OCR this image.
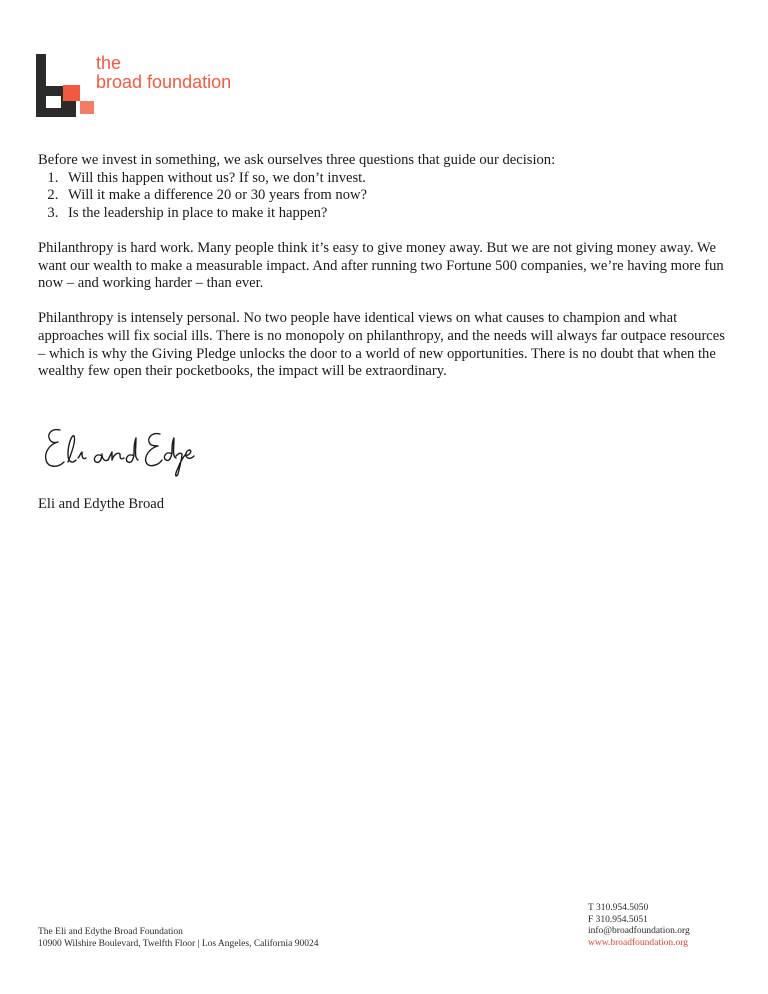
the
broad foundation

Before we invest in something, we ask ourselves three questions that guide our decision:

1. Will this happen without us? If so, we don’t invest.
2. Will it make a difference 20 or 30 years from now?
3. Is the leadership in place to make it happen?

Philanthropy is hard work. Many people think it’s easy to give money away. But we are not giving money away. We want our wealth to make a measurable impact. And after running two Fortune 500 companies, we’re having more fun now – and working harder – than ever.

Philanthropy is intensely personal. No two people have identical views on what causes to champion and what approaches will fix social ills. There is no monopoly on philanthropy, and the needs will always far outpace resources – which is why the Giving Pledge unlocks the door to a world of new opportunities. There is no doubt that when the wealthy few open their pocketbooks, the impact will be extraordinary.

Eli and Edythe Broad
The Eli and Edythe Broad Foundation
10900 Wilshire Boulevard, Twelfth Floor | Los Angeles, California 90024
T 310.954.5050
F 310.954.5051
info@broadfoundation.org
www.broadfoundation.org
